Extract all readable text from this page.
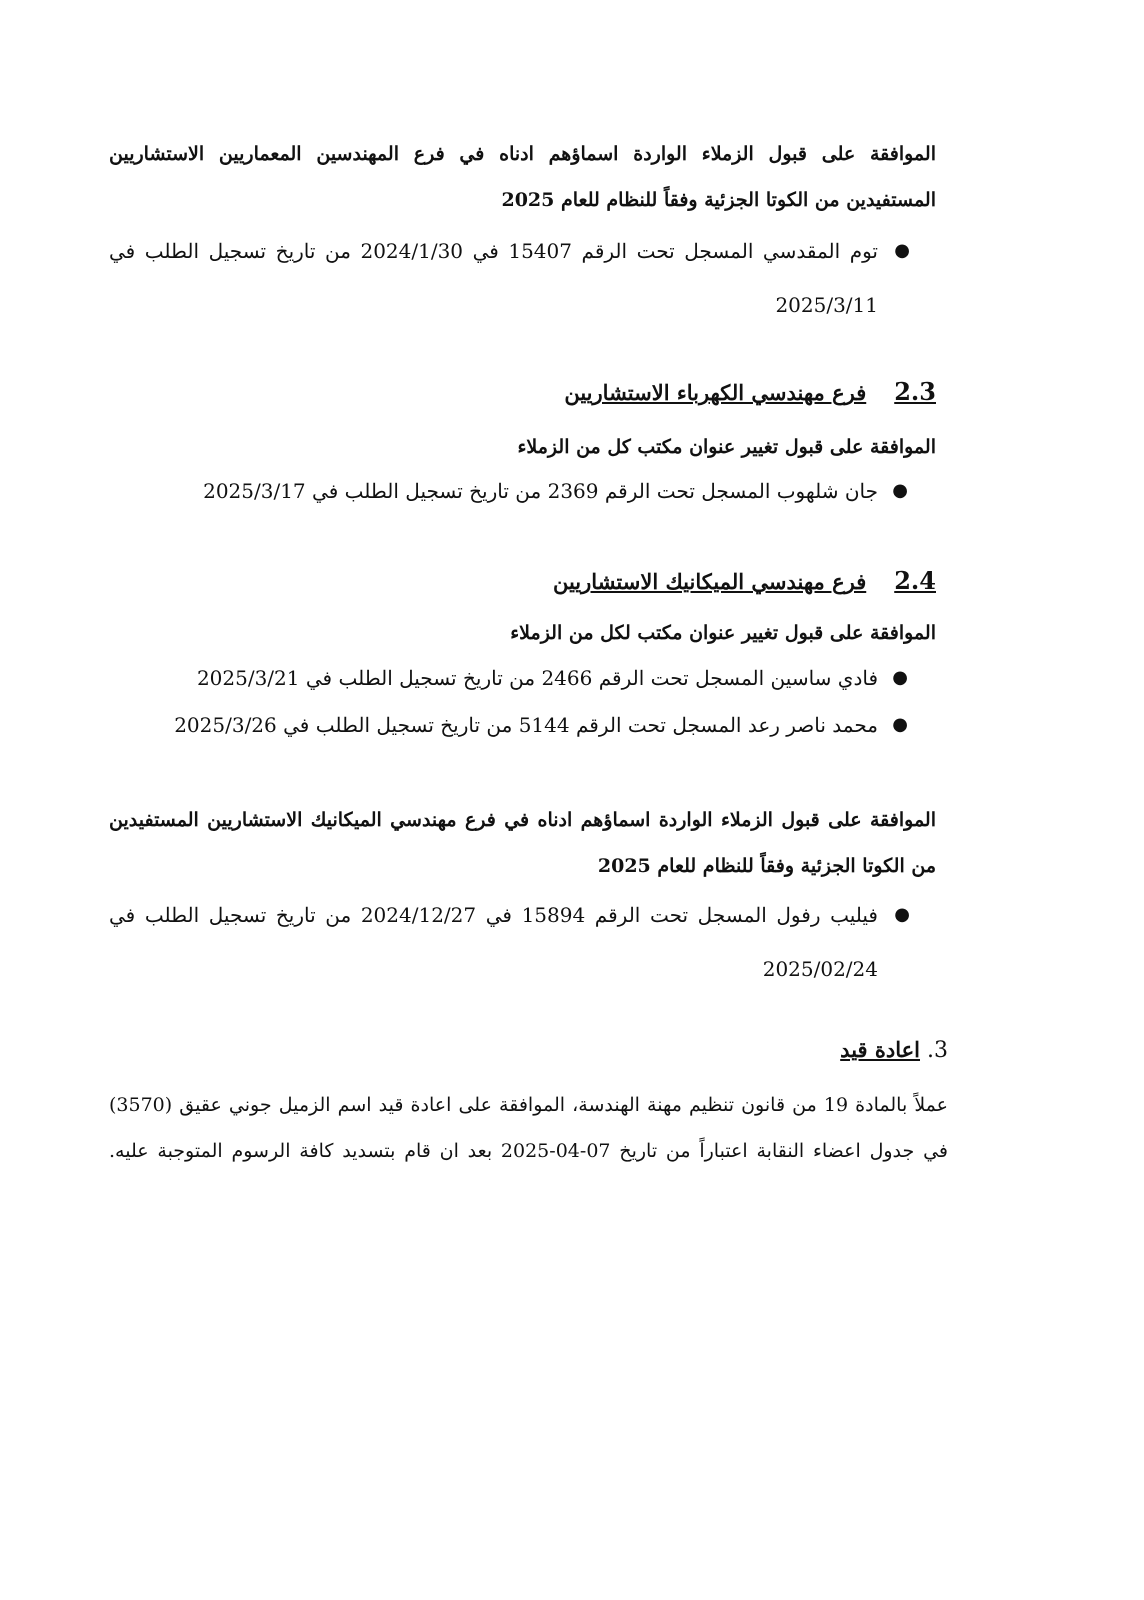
الموافقة على قبول الزملاء الواردة اسماؤهم ادناه في فرع المهندسين المعماريين الاستشاريين
المستفيدين من الكوتا الجزئية وفقاً للنظام للعام 2025
●
توم المقدسي المسجل تحت الرقم 15407 في 2024/1/30 من تاريخ تسجيل الطلب في
2025/3/11
2.3فرع مهندسي الكهرباء الاستشاريين
الموافقة على قبول تغيير عنوان مكتب كل من الزملاء
●
جان شلهوب المسجل تحت الرقم 2369 من تاريخ تسجيل الطلب في 2025/3/17
2.4فرع مهندسي الميكانيك الاستشاريين
الموافقة على قبول تغيير عنوان مكتب لكل من الزملاء
●
فادي ساسين المسجل تحت الرقم 2466 من تاريخ تسجيل الطلب في 2025/3/21
●
محمد ناصر رعد المسجل تحت الرقم 5144 من تاريخ تسجيل الطلب في 2025/3/26
الموافقة على قبول الزملاء الواردة اسماؤهم ادناه في فرع مهندسي الميكانيك الاستشاريين المستفيدين
من الكوتا الجزئية وفقاً للنظام للعام 2025
●
فيليب رفول المسجل تحت الرقم 15894 في 2024/12/27 من تاريخ تسجيل الطلب في
2025/02/24
3. اعادة قيد
عملاً بالمادة 19 من قانون تنظيم مهنة الهندسة، الموافقة على اعادة قيد اسم الزميل جوني عقيق (3570)
في جدول اعضاء النقابة اعتباراً من تاريخ 07-04-2025 بعد ان قام بتسديد كافة الرسوم المتوجبة عليه.
